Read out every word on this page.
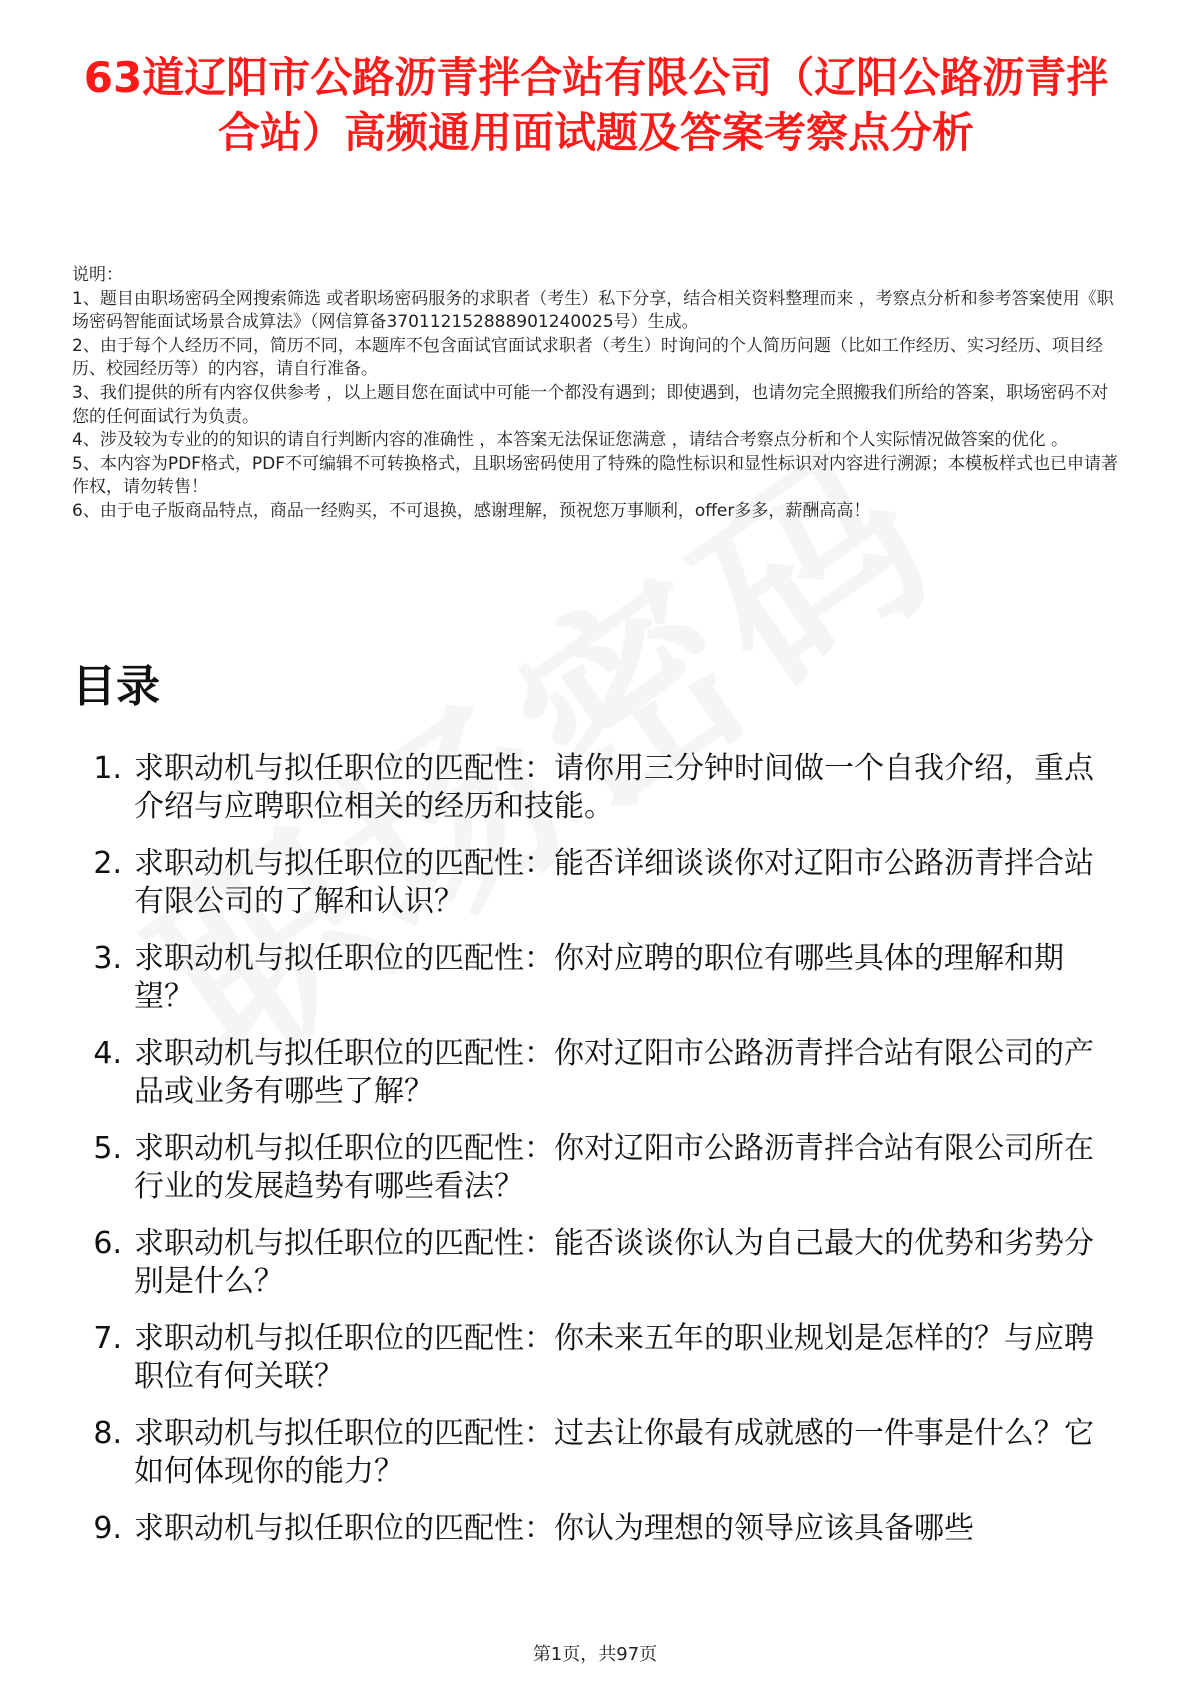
63道辽阳市公路沥青拌合站有限公司（辽阳公路沥青拌合站）高频通用面试题及答案考察点分析

说明：

1、题目由职场密码全网搜索筛选 或者职场密码服务的求职者（考生）私下分享，结合相关资料整理而来 ，考察点分析和参考答案使用《职场密码智能面试场景合成算法》（网信算备370112152888901240025号）生成。

2、由于每个人经历不同，简历不同，本题库不包含面试官面试求职者（考生）时询问的个人简历问题（比如工作经历、实习经历、项目经历、校园经历等）的内容，请自行准备。

3、我们提供的所有内容仅供参考 ，以上题目您在面试中可能一个都没有遇到；即使遇到，也请勿完全照搬我们所给的答案，职场密码不对您的任何面试行为负责。

4、涉及较为专业的的知识的请自行判断内容的准确性 ，本答案无法保证您满意 ，请结合考察点分析和个人实际情况做答案的优化 。

5、本内容为PDF格式，PDF不可编辑不可转换格式，且职场密码使用了特殊的隐性标识和显性标识对内容进行溯源；本模板样式也已申请著作权，请勿转售！

6、由于电子版商品特点，商品一经购买，不可退换，感谢理解，预祝您万事顺利，offer多多，薪酬高高！

目录
1. 求职动机与拟任职位的匹配性：请你用三分钟时间做一个自我介绍，重点介绍与应聘职位相关的经历和技能。
2. 求职动机与拟任职位的匹配性：能否详细谈谈你对辽阳市公路沥青拌合站有限公司的了解和认识？
3. 求职动机与拟任职位的匹配性：你对应聘的职位有哪些具体的理解和期望？
4. 求职动机与拟任职位的匹配性：你对辽阳市公路沥青拌合站有限公司的产品或业务有哪些了解？
5. 求职动机与拟任职位的匹配性：你对辽阳市公路沥青拌合站有限公司所在行业的发展趋势有哪些看法？
6. 求职动机与拟任职位的匹配性：能否谈谈你认为自己最大的优势和劣势分别是什么？
7. 求职动机与拟任职位的匹配性：你未来五年的职业规划是怎样的？与应聘职位有何关联？
8. 求职动机与拟任职位的匹配性：过去让你最有成就感的一件事是什么？它如何体现你的能力？
9. 求职动机与拟任职位的匹配性：你认为理想的领导应该具备哪些
第1页，共97页
